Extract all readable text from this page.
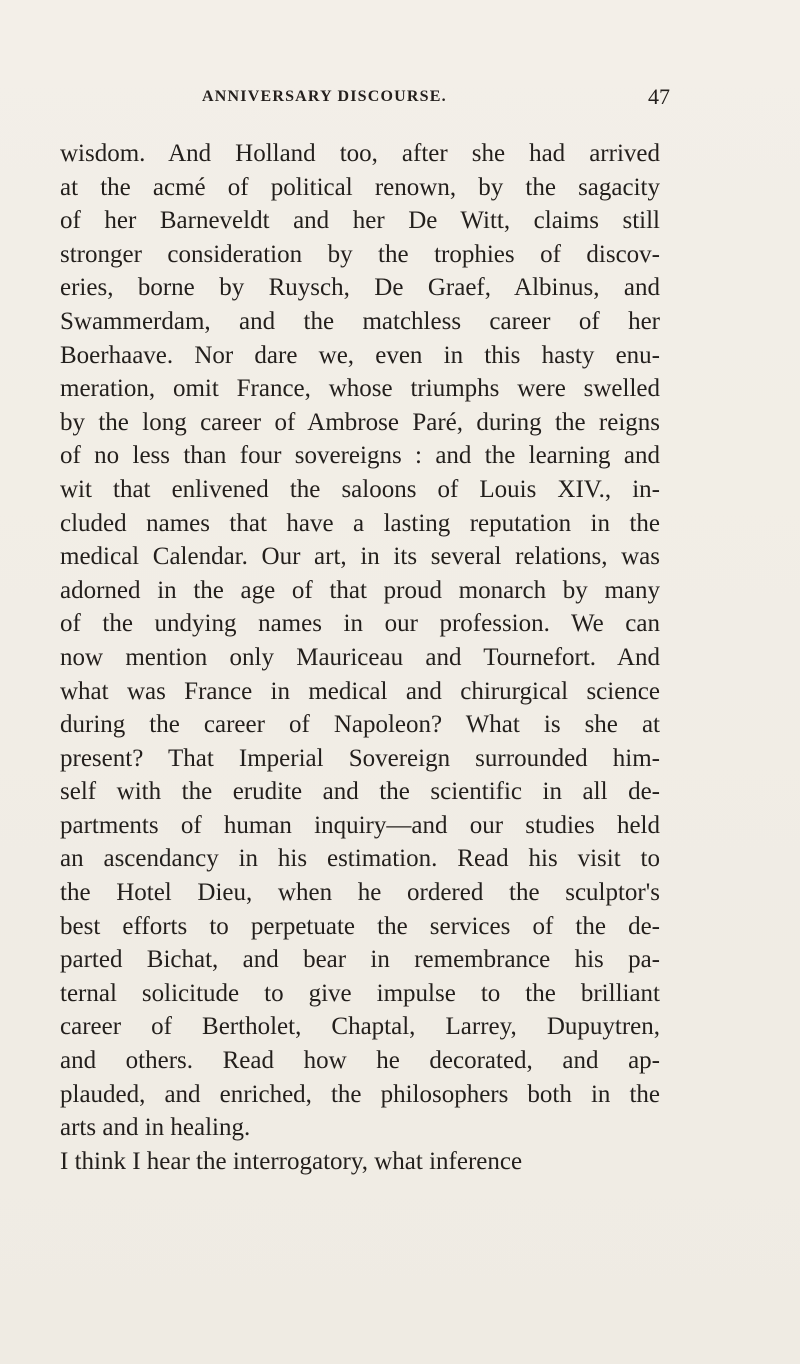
ANNIVERSARY DISCOURSE.	47
wisdom. And Holland too, after she had arrived
at the acmé of political renown, by the sagacity
of her Barneveldt and her De Witt, claims still
stronger consideration by the trophies of discov-
eries, borne by Ruysch, De Graef, Albinus, and
Swammerdam, and the matchless career of her
Boerhaave. Nor dare we, even in this hasty enu-
meration, omit France, whose triumphs were swelled
by the long career of Ambrose Paré, during the reigns
of no less than four sovereigns : and the learning and
wit that enlivened the saloons of Louis XIV., in-
cluded names that have a lasting reputation in the
medical Calendar. Our art, in its several relations, was
adorned in the age of that proud monarch by many
of the undying names in our profession. We can
now mention only Mauriceau and Tournefort. And
what was France in medical and chirurgical science
during the career of Napoleon? What is she at
present? That Imperial Sovereign surrounded him-
self with the erudite and the scientific in all de-
partments of human inquiry—and our studies held
an ascendancy in his estimation. Read his visit to
the Hotel Dieu, when he ordered the sculptor's
best efforts to perpetuate the services of the de-
parted Bichat, and bear in remembrance his pa-
ternal solicitude to give impulse to the brilliant
career of Bertholet, Chaptal, Larrey, Dupuytren,
and others. Read how he decorated, and ap-
plauded, and enriched, the philosophers both in the
arts and in healing.
I think I hear the interrogatory, what inference
